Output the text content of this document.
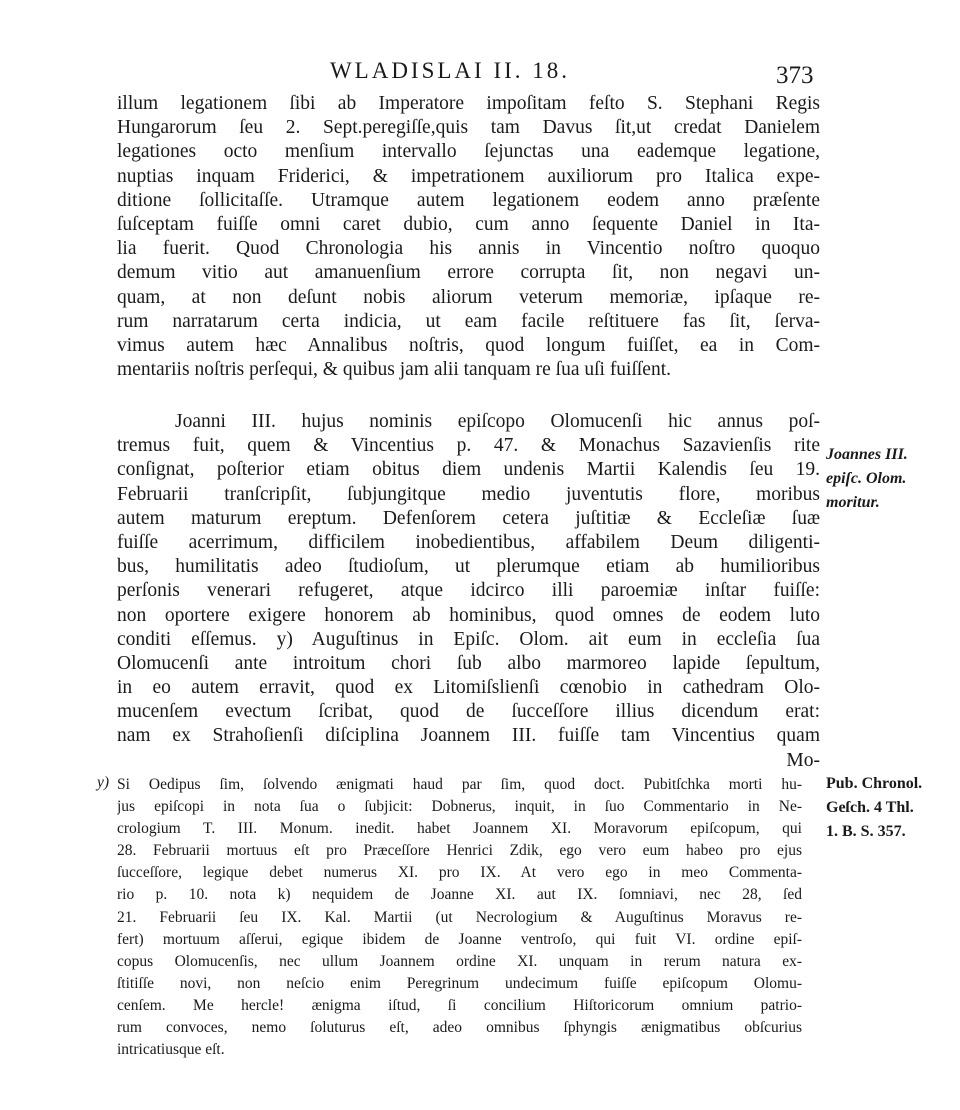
WLADISLAI II. 18.	373
illum legationem ſibi ab Imperatore impoſitam feſto S. Stephani Regis
Hungarorum ſeu 2. Sept.peregiſſe,quis tam Davus ſit,ut credat Danielem
legationes octo menſium intervallo ſejunctas una eademque legatione,
nuptias inquam Friderici, & impetrationem auxiliorum pro Italica expe-
ditione ſollicitaſſe. Utramque autem legationem eodem anno præſente
ſuſceptam fuiſſe omni caret dubio, cum anno ſequente Daniel in Ita-
lia fuerit. Quod Chronologia his annis in Vincentio noſtro quoquo
demum vitio aut amanuenſium errore corrupta ſit, non negavi un-
quam, at non deſunt nobis aliorum veterum memoriæ, ipſaque re-
rum narratarum certa indicia, ut eam facile reſtituere fas ſit, ſerva-
vimus autem hæc Annalibus noſtris, quod longum fuiſſet, ea in Com-
mentariis noſtris perſequi, & quibus jam alii tanquam re ſua uſi fuiſſent.
Joanni III. hujus nominis epiſcopo Olomucenſi hic annus poſ-
tremus fuit, quem & Vincentius p. 47. & Monachus Sazavienſis rite
conſignat, poſterior etiam obitus diem undenis Martii Kalendis ſeu 19.
Februarii tranſcripſit, ſubjungitque medio juventutis flore, moribus
autem maturum ereptum. Defenſorem cetera juſtitiæ & Eccleſiæ ſuæ
fuiſſe acerrimum, difficilem inobedientibus, affabilem Deum diligenti-
bus, humilitatis adeo ſtudioſum, ut plerumque etiam ab humilioribus
perſonis venerari refugeret, atque idcirco illi paroemiæ inſtar fuiſſe:
non oportere exigere honorem ab hominibus, quod omnes de eodem luto
conditi eſſemus. y) Auguſtinus in Epiſc. Olom. ait eum in eccleſia ſua
Olomucenſi ante introitum chori ſub albo marmoreo lapide ſepultum,
in eo autem erravit, quod ex Litomiſslienſi cœnobio in cathedram Olo-
mucenſem evectum ſcribat, quod de ſucceſſore illius dicendum erat:
nam ex Strahoſienſi diſciplina Joannem III. fuiſſe tam Vincentius quam
Mo-
Joannes III.
epiſc. Olom.
moritur.
Pub. Chronol.
Geſch. 4 Thl.
1. B. S. 357.
y) Si Oedipus ſim, ſolvendo ænigmati haud par ſim, quod doct. Pubitſchka morti hu-
jus epiſcopi in nota ſua o ſubjicit: Dobnerus, inquit, in ſuo Commentario in Ne-
crologium T. III. Monum. inedit. habet Joannem XI. Moravorum epiſcopum, qui
28. Februarii mortuus eſt pro Præceſſore Henrici Zdik, ego vero eum habeo pro ejus
ſucceſſore, legique debet numerus XI. pro IX. At vero ego in meo Commenta-
rio p. 10. nota k) nequidem de Joanne XI. aut IX. ſomniavi, nec 28, ſed
21. Februarii ſeu IX. Kal. Martii (ut Necrologium & Auguſtinus Moravus re-
fert) mortuum aſſerui, egique ibidem de Joanne ventroſo, qui fuit VI. ordine epiſ-
copus Olomucenſis, nec ullum Joannem ordine XI. unquam in rerum natura ex-
ſtitiſſe novi, non neſcio enim Peregrinum undecimum fuiſſe epiſcopum Olomu-
cenſem. Me hercle! ænigma iſtud, ſi concilium Hiſtoricorum omnium patrio-
rum convoces, nemo ſoluturus eſt, adeo omnibus ſphyngis ænigmatibus obſcurius
intricatiusque eſt.
